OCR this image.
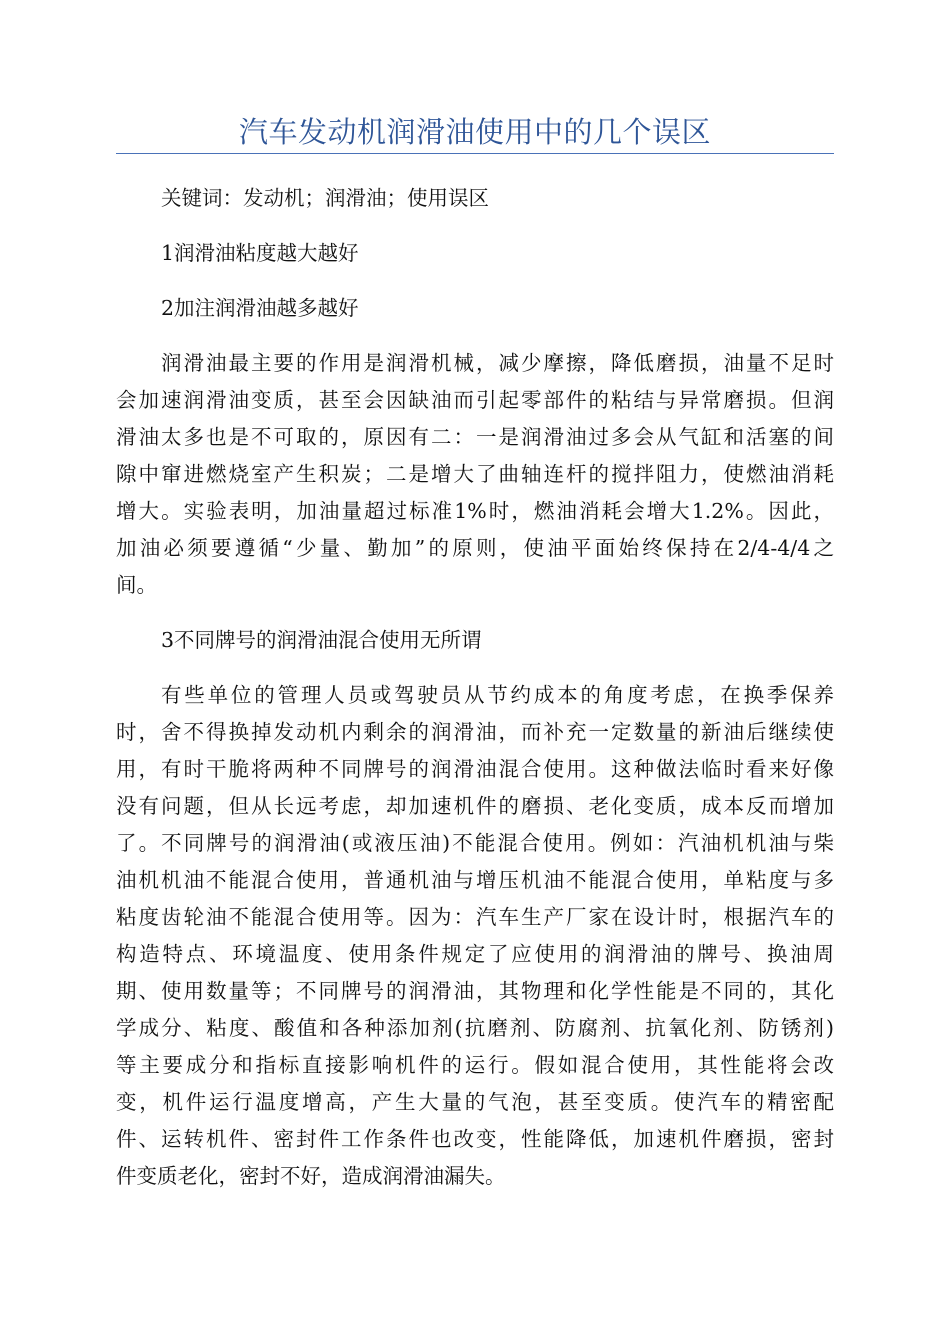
汽车发动机润滑油使用中的几个误区
关键词：发动机；润滑油；使用误区
1润滑油粘度越大越好
2加注润滑油越多越好
润滑油最主要的作用是润滑机械，减少摩擦，降低磨损，油量不足时
会加速润滑油变质，甚至会因缺油而引起零部件的粘结与异常磨损。但润
滑油太多也是不可取的，原因有二：一是润滑油过多会从气缸和活塞的间
隙中窜进燃烧室产生积炭；二是增大了曲轴连杆的搅拌阻力，使燃油消耗
增大。实验表明，加油量超过标准1%时，燃油消耗会增大1.2%。因此，
加油必须要遵循“少量、勤加”的原则，使油平面始终保持在2/4-4/4之
间。
3不同牌号的润滑油混合使用无所谓
有些单位的管理人员或驾驶员从节约成本的角度考虑，在换季保养
时，舍不得换掉发动机内剩余的润滑油，而补充一定数量的新油后继续使
用，有时干脆将两种不同牌号的润滑油混合使用。这种做法临时看来好像
没有问题，但从长远考虑，却加速机件的磨损、老化变质，成本反而增加
了。不同牌号的润滑油(或液压油)不能混合使用。例如：汽油机机油与柴
油机机油不能混合使用，普通机油与增压机油不能混合使用，单粘度与多
粘度齿轮油不能混合使用等。因为：汽车生产厂家在设计时，根据汽车的
构造特点、环境温度、使用条件规定了应使用的润滑油的牌号、换油周
期、使用数量等；不同牌号的润滑油，其物理和化学性能是不同的，其化
学成分、粘度、酸值和各种添加剂(抗磨剂、防腐剂、抗氧化剂、防锈剂)
等主要成分和指标直接影响机件的运行。假如混合使用，其性能将会改
变，机件运行温度增高，产生大量的气泡，甚至变质。使汽车的精密配
件、运转机件、密封件工作条件也改变，性能降低，加速机件磨损，密封
件变质老化，密封不好，造成润滑油漏失。
